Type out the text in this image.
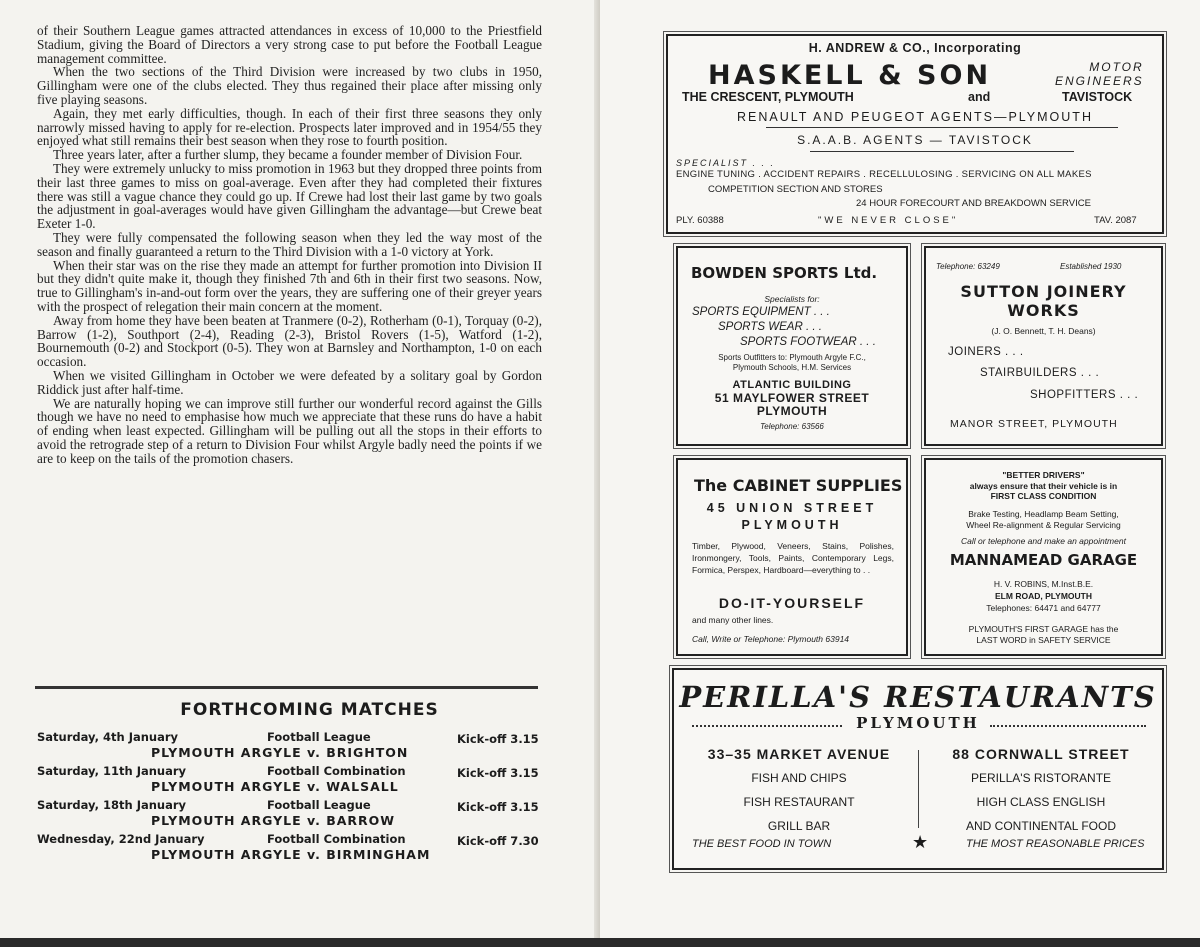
of their Southern League games attracted attendances in excess of 10,000 to the Priestfield Stadium, giving the Board of Directors a very strong case to put before the Football League management committee.

When the two sections of the Third Division were increased by two clubs in 1950, Gillingham were one of the clubs elected. They thus regained their place after missing only five playing seasons.

Again, they met early difficulties, though. In each of their first three seasons they only narrowly missed having to apply for re-election. Prospects later improved and in 1954/55 they enjoyed what still remains their best season when they rose to fourth position.

Three years later, after a further slump, they became a founder member of Division Four.

They were extremely unlucky to miss promotion in 1963 but they dropped three points from their last three games to miss on goal-average. Even after they had completed their fixtures there was still a vague chance they could go up. If Crewe had lost their last game by two goals the adjustment in goal-averages would have given Gillingham the advantage—but Crewe beat Exeter 1-0.

They were fully compensated the following season when they led the way most of the season and finally guaranteed a return to the Third Division with a 1-0 victory at York.

When their star was on the rise they made an attempt for further promotion into Division II but they didn't quite make it, though they finished 7th and 6th in their first two seasons. Now, true to Gillingham's in-and-out form over the years, they are suffering one of their greyer years with the prospect of relegation their main concern at the moment.

Away from home they have been beaten at Tranmere (0-2), Rotherham (0-1), Torquay (0-2), Barrow (1-2), Southport (2-4), Reading (2-3), Bristol Rovers (1-5), Watford (1-2), Bournemouth (0-2) and Stockport (0-5). They won at Barnsley and Northampton, 1-0 on each occasion.

When we visited Gillingham in October we were defeated by a solitary goal by Gordon Riddick just after half-time.

We are naturally hoping we can improve still further our wonderful record against the Gills though we have no need to emphasise how much we appreciate that these runs do have a habit of ending when least expected. Gillingham will be pulling out all the stops in their efforts to avoid the retrograde step of a return to Division Four whilst Argyle badly need the points if we are to keep on the tails of the promotion chasers.

FORTHCOMING MATCHES
Saturday, 4th January	Football League	Kick-off 3.15
PLYMOUTH ARGYLE v. BRIGHTON
Saturday, 11th January	Football Combination	Kick-off 3.15
PLYMOUTH ARGYLE v. WALSALL
Saturday, 18th January	Football League	Kick-off 3.15
PLYMOUTH ARGYLE v. BARROW
Wednesday, 22nd January	Football Combination	Kick-off 7.30
PLYMOUTH ARGYLE v. BIRMINGHAM
H. ANDREW & CO., Incorporating
HASKELL & SON	MOTOR
ENGINEERS
THE CRESCENT, PLYMOUTH	and	TAVISTOCK
RENAULT AND PEUGEOT AGENTS—PLYMOUTH
S.A.A.B. AGENTS — TAVISTOCK
SPECIALIST . . .
ENGINE TUNING . ACCIDENT REPAIRS . RECELLULOSING . SERVICING ON ALL MAKES
COMPETITION SECTION AND STORES
24 HOUR FORECOURT AND BREAKDOWN SERVICE
PLY. 60388	"WE NEVER CLOSE"	TAV. 2087
BOWDEN SPORTS Ltd.
Specialists for:
SPORTS EQUIPMENT . . .
SPORTS WEAR . . .
SPORTS FOOTWEAR . . .
Sports Outfitters to: Plymouth Argyle F.C.,
Plymouth Schools, H.M. Services
ATLANTIC BUILDING
51 MAYLFOWER STREET
PLYMOUTH
Telephone: 63566
Telephone: 63249	Established 1930
SUTTON JOINERY
WORKS
(J. O. Bennett, T. H. Deans)
JOINERS . . .
STAIRBUILDERS . . .
SHOPFITTERS . . .
MANOR STREET, PLYMOUTH
The CABINET SUPPLIES
45 UNION STREET
PLYMOUTH
Timber, Plywood, Veneers, Stains, Polishes, Ironmongery, Tools, Paints, Contemporary Legs, Formica, Perspex, Hardboard—everything to . .
DO-IT-YOURSELF
and many other lines.
Call, Write or Telephone: Plymouth 63914
"BETTER DRIVERS"
always ensure that their vehicle is in
FIRST CLASS CONDITION
Brake Testing, Headlamp Beam Setting,
Wheel Re-alignment & Regular Servicing
Call or telephone and make an appointment
MANNAMEAD GARAGE
H. V. ROBINS, M.Inst.B.E.
ELM ROAD, PLYMOUTH
Telephones: 64471 and 64777
PLYMOUTH'S FIRST GARAGE has the
LAST WORD in SAFETY SERVICE
PERILLA'S RESTAURANTS
PLYMOUTH
33–35 MARKET AVENUE
FISH AND CHIPS
FISH RESTAURANT
GRILL BAR
88 CORNWALL STREET
PERILLA'S RISTORANTE
HIGH CLASS ENGLISH
AND CONTINENTAL FOOD
THE BEST FOOD IN TOWN	★	THE MOST REASONABLE PRICES
